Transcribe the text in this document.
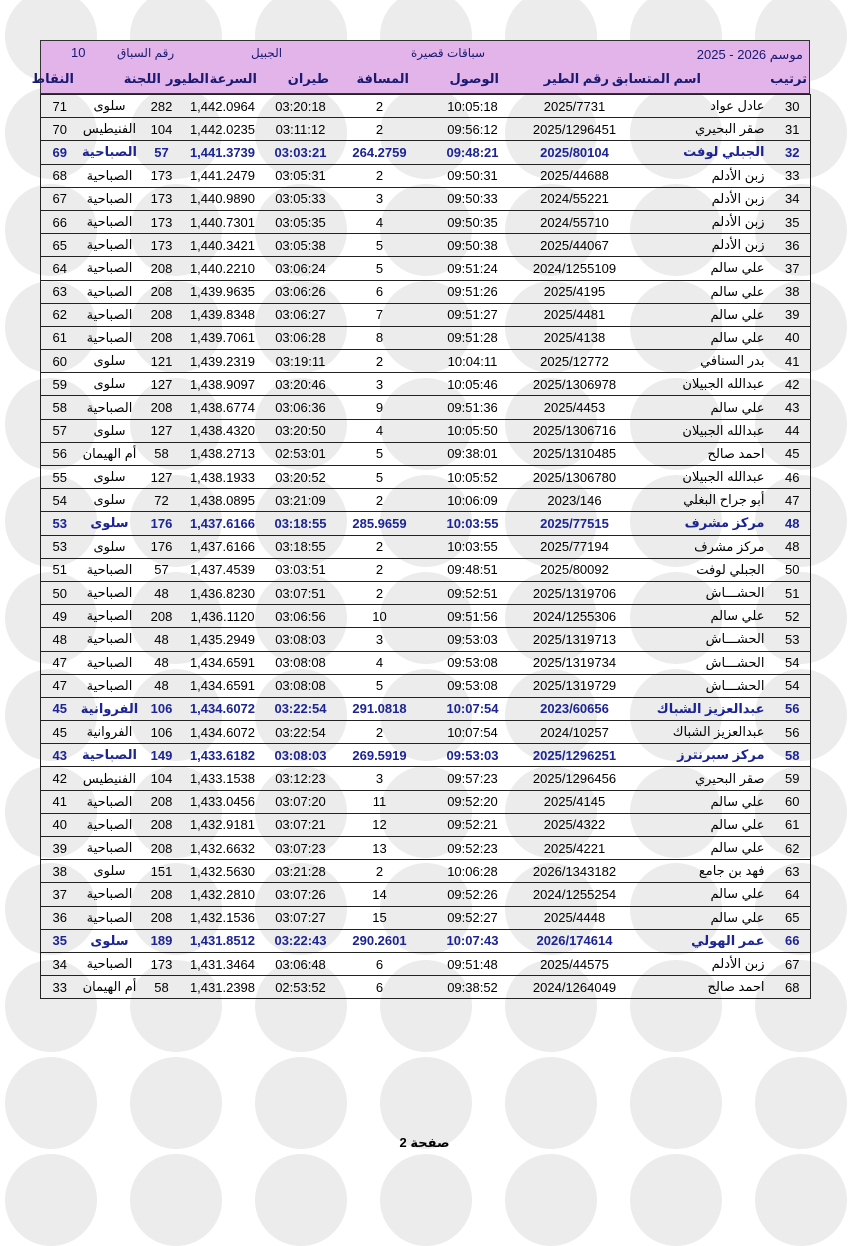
موسم 2026 - 2025
سباقات قصيرة
الجبيل
رقم السباق
10
ترتيب
اسم المتسابق
رقم الطير
الوصول
المسافة
طيران
السرعة
الطيور
اللجنة
النقاط
71	سلوى	282	1,442.0964	03:20:18	2	10:05:18	2025/7731	عادل عواد	30
70	الفنيطيس	104	1,442.0235	03:11:12	2	09:56:12	2025/1296451	صقر البحيري	31
69	الصباحية	57	1,441.3739	03:03:21	264.2759	09:48:21	2025/80104	الجبلي لوفت	32
68	الصباحية	173	1,441.2479	03:05:31	2	09:50:31	2025/44688	زبن الأدلم	33
67	الصباحية	173	1,440.9890	03:05:33	3	09:50:33	2024/55221	زبن الأدلم	34
66	الصباحية	173	1,440.7301	03:05:35	4	09:50:35	2024/55710	زبن الأدلم	35
65	الصباحية	173	1,440.3421	03:05:38	5	09:50:38	2025/44067	زبن الأدلم	36
64	الصباحية	208	1,440.2210	03:06:24	5	09:51:24	2024/1255109	علي سالم	37
63	الصباحية	208	1,439.9635	03:06:26	6	09:51:26	2025/4195	علي سالم	38
62	الصباحية	208	1,439.8348	03:06:27	7	09:51:27	2025/4481	علي سالم	39
61	الصباحية	208	1,439.7061	03:06:28	8	09:51:28	2025/4138	علي سالم	40
60	سلوى	121	1,439.2319	03:19:11	2	10:04:11	2025/12772	بدر السنافي	41
59	سلوى	127	1,438.9097	03:20:46	3	10:05:46	2025/1306978	عبدالله الجبيلان	42
58	الصباحية	208	1,438.6774	03:06:36	9	09:51:36	2025/4453	علي سالم	43
57	سلوى	127	1,438.4320	03:20:50	4	10:05:50	2025/1306716	عبدالله الجبيلان	44
56	أم الهيمان	58	1,438.2713	02:53:01	5	09:38:01	2025/1310485	احمد صالح	45
55	سلوى	127	1,438.1933	03:20:52	5	10:05:52	2025/1306780	عبدالله الجبيلان	46
54	سلوى	72	1,438.0895	03:21:09	2	10:06:09	2023/146	أبو جراح البغلي	47
53	سلوى	176	1,437.6166	03:18:55	285.9659	10:03:55	2025/77515	مركز مشرف	48
53	سلوى	176	1,437.6166	03:18:55	2	10:03:55	2025/77194	مركز مشرف	48
51	الصباحية	57	1,437.4539	03:03:51	2	09:48:51	2025/80092	الجبلي لوفت	50
50	الصباحية	48	1,436.8230	03:07:51	2	09:52:51	2025/1319706	الحشـــاش	51
49	الصباحية	208	1,436.1120	03:06:56	10	09:51:56	2024/1255306	علي سالم	52
48	الصباحية	48	1,435.2949	03:08:03	3	09:53:03	2025/1319713	الحشـــاش	53
47	الصباحية	48	1,434.6591	03:08:08	4	09:53:08	2025/1319734	الحشـــاش	54
47	الصباحية	48	1,434.6591	03:08:08	5	09:53:08	2025/1319729	الحشـــاش	54
45	الفروانية	106	1,434.6072	03:22:54	291.0818	10:07:54	2023/60656	عبدالعزيز الشباك	56
45	الفروانية	106	1,434.6072	03:22:54	2	10:07:54	2024/10257	عبدالعزيز الشباك	56
43	الصباحية	149	1,433.6182	03:08:03	269.5919	09:53:03	2025/1296251	مركز سبرنترز	58
42	الفنيطيس	104	1,433.1538	03:12:23	3	09:57:23	2025/1296456	صقر البحيري	59
41	الصباحية	208	1,433.0456	03:07:20	11	09:52:20	2025/4145	علي سالم	60
40	الصباحية	208	1,432.9181	03:07:21	12	09:52:21	2025/4322	علي سالم	61
39	الصباحية	208	1,432.6632	03:07:23	13	09:52:23	2025/4221	علي سالم	62
38	سلوى	151	1,432.5630	03:21:28	2	10:06:28	2026/1343182	فهد بن جامع	63
37	الصباحية	208	1,432.2810	03:07:26	14	09:52:26	2024/1255254	علي سالم	64
36	الصباحية	208	1,432.1536	03:07:27	15	09:52:27	2025/4448	علي سالم	65
35	سلوى	189	1,431.8512	03:22:43	290.2601	10:07:43	2026/174614	عمر الهولي	66
34	الصباحية	173	1,431.3464	03:06:48	6	09:51:48	2025/44575	زبن الأدلم	67
33	أم الهيمان	58	1,431.2398	02:53:52	6	09:38:52	2024/1264049	احمد صالح	68
صفحة 2
